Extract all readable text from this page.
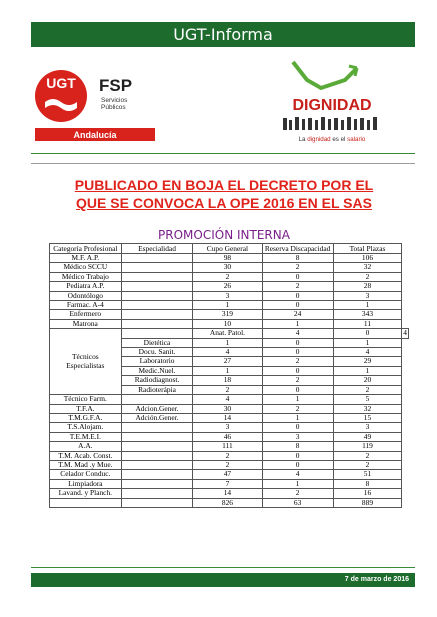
UGT-Informa
UGT FSP
Servicios
Públicos
Andalucía
DIGNIDAD
La dignidad es el salario
PUBLICADO EN BOJA EL DECRETO POR EL
QUE SE CONVOCA LA OPE 2016 EN EL SAS
PROMOCIÓN INTERNA
Categoría Profesional	Especialidad	Cupo General	Reserva Discapacidad	Total Plazas	
M.F. A.P.		98	8	106	
Médico SCCU		30	2	32	
Médico Trabajo		2	0	2	
Pediatra A.P.		26	2	28	
Odontólogo		3	0	3	
Farmac. A-4		1	0	1	
Enfermero		319	24	343	
Matrona		10	1	11	
Técnicos Especialistas		Anat. Patol.	4	0	4
	Dietética	1	0	1	
	Docu. Sanit.	4	0	4	
	Laboratorio	27	2	29	
	Medic.Nuel.	1	0	1	
	Radiodiagnost.	18	2	20	
	Radioterápia	2	0	2	
Técnico Farm.		4	1	5	
T.F.A.	Adcion.Gener.	30	2	32	
T.M.G.F.A.	Adción.Gener.	14	1	15	
T.S.Alojam.		3	0	3	
T.E.M.E.I.		46	3	49	
A.A.		111	8	119	
T.M. Acab. Const.		2	0	2	
T.M. Mad .y Mue.		2	0	2	
Celador Conduc.		47	4	51	
Limpiadora		7	1	8	
Lavand. y Planch.		14	2	16	
		826	63	889	
7 de marzo de 2016
